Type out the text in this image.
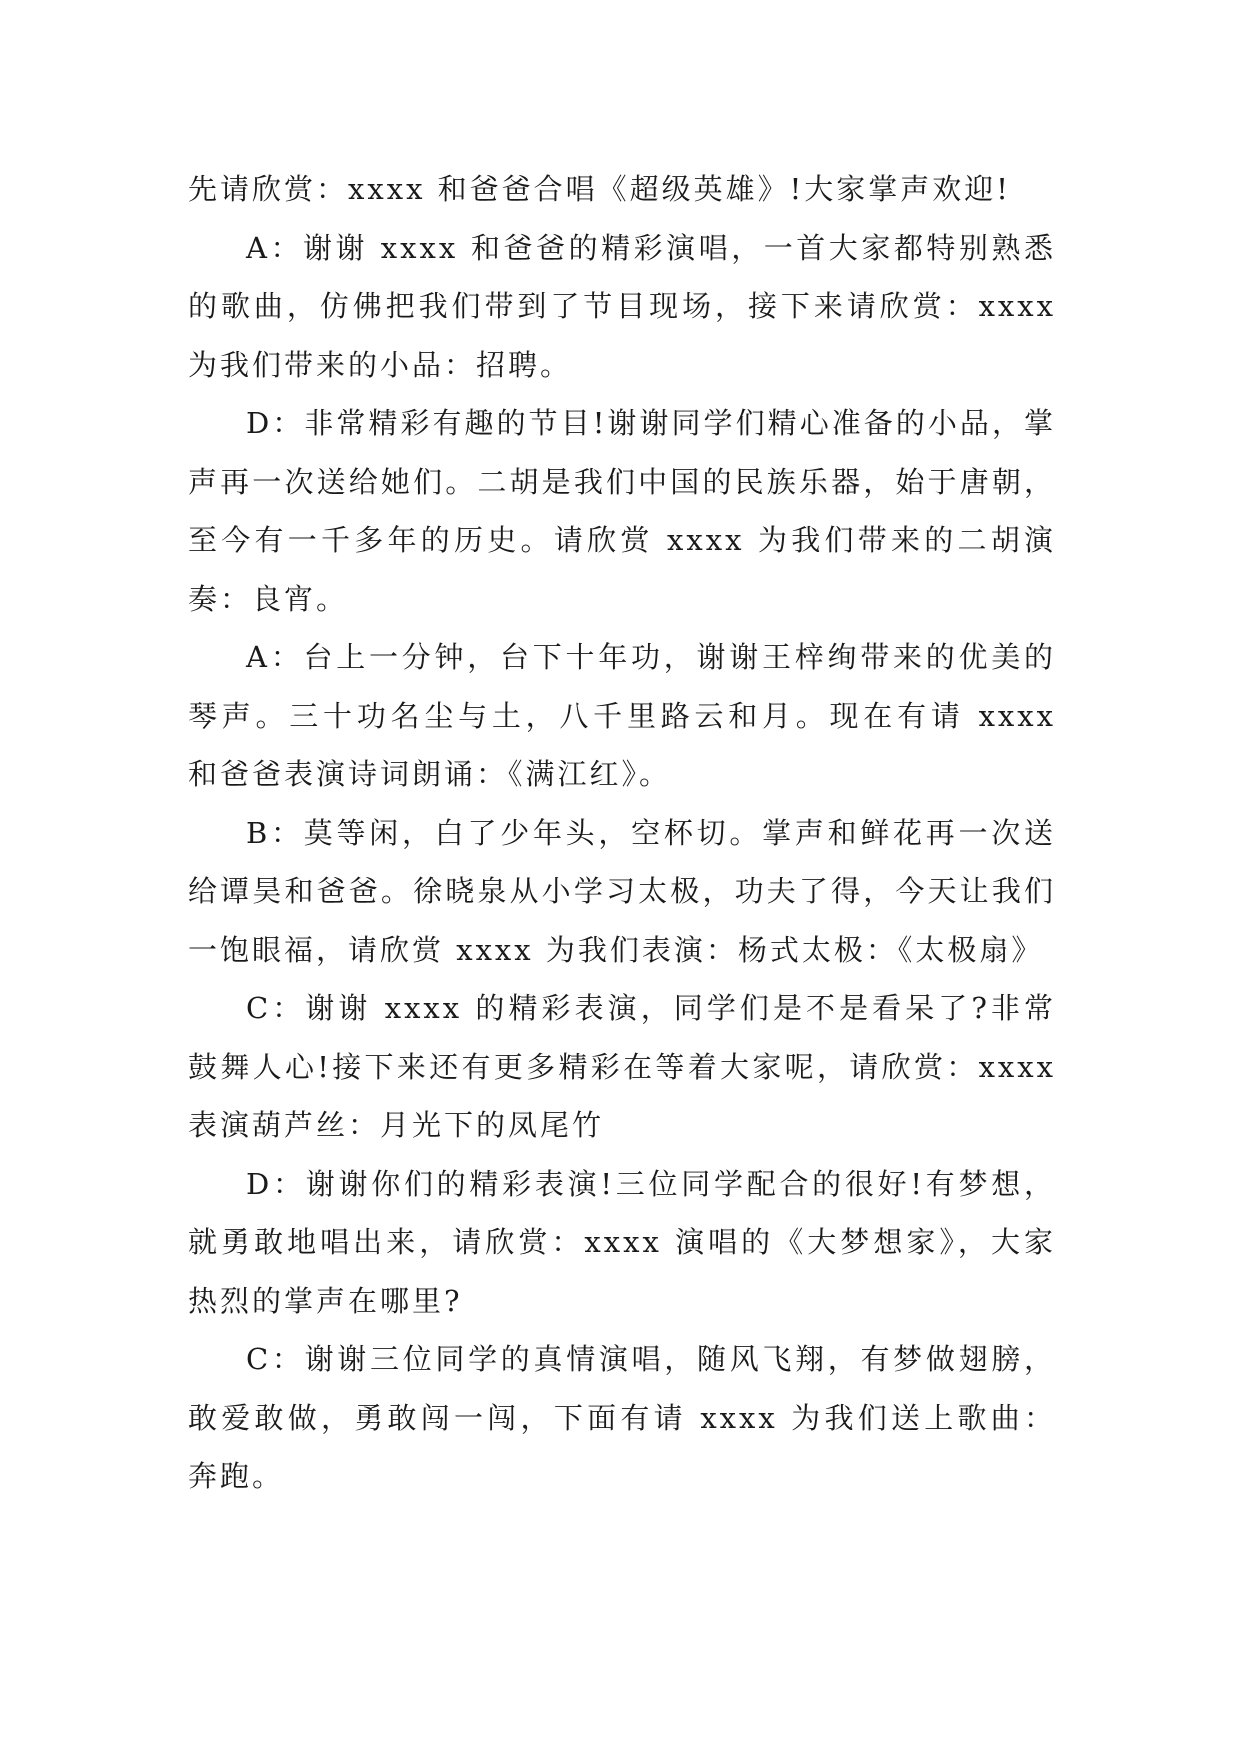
先请欣赏：xxxx 和爸爸合唱《超级英雄》!大家掌声欢迎!

A：谢谢 xxxx 和爸爸的精彩演唱，一首大家都特别熟悉的歌曲，仿佛把我们带到了节目现场，接下来请欣赏：xxxx 为我们带来的小品：招聘。

D：非常精彩有趣的节目!谢谢同学们精心准备的小品，掌声再一次送给她们。二胡是我们中国的民族乐器，始于唐朝，至今有一千多年的历史。请欣赏 xxxx 为我们带来的二胡演奏：良宵。

A：台上一分钟，台下十年功，谢谢王梓绚带来的优美的琴声。三十功名尘与土，八千里路云和月。现在有请 xxxx 和爸爸表演诗词朗诵：《满江红》。

B：莫等闲，白了少年头，空杯切。掌声和鲜花再一次送给谭昊和爸爸。徐晓泉从小学习太极，功夫了得，今天让我们一饱眼福，请欣赏 xxxx 为我们表演：杨式太极：《太极扇》

C：谢谢 xxxx 的精彩表演，同学们是不是看呆了?非常鼓舞人心!接下来还有更多精彩在等着大家呢，请欣赏：xxxx 表演葫芦丝：月光下的凤尾竹

D：谢谢你们的精彩表演!三位同学配合的很好!有梦想，就勇敢地唱出来，请欣赏：xxxx 演唱的《大梦想家》，大家热烈的掌声在哪里?

C：谢谢三位同学的真情演唱，随风飞翔，有梦做翅膀，敢爱敢做，勇敢闯一闯，下面有请 xxxx 为我们送上歌曲：奔跑。
